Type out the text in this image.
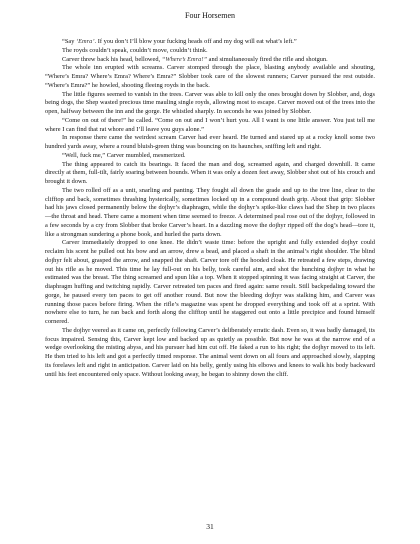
Four Horsemen

“Say ‘Emra’. If you don’t I’ll blow your fucking heads off and my dog will eat what’s left.”

The royds couldn’t speak, couldn’t move, couldn’t think.

Carver threw back his head, bellowed, “Where’s Emra!” and simultaneously fired the rifle and shotgun.

The whole inn erupted with screams. Carver stomped through the place, blasting anybody available and shouting, “Where’s Emra? Where’s Emra? Where’s Emra?” Slobber took care of the slowest runners; Carver pursued the rest outside. “Where’s Emra?” he howled, shooting fleeing royds in the back.

The little figures seemed to vanish in the trees. Carver was able to kill only the ones brought down by Slobber, and, dogs being dogs, the Shep wasted precious time mauling single royds, allowing most to escape. Carver moved out of the trees into the open, halfway between the inn and the gorge. He whistled sharply. In seconds he was joined by Slobber.

“Come on out of there!” he called. “Come on out and I won’t hurt you. All I want is one little answer. You just tell me where I can find that rat whore and I’ll leave you guys alone.”

In response there came the weirdest scream Carver had ever heard. He turned and stared up at a rocky knoll some two hundred yards away, where a round bluish-green thing was bouncing on its haunches, sniffing left and right.

“Well, fuck me,” Carver mumbled, mesmerized.

The thing appeared to catch its bearings. It faced the man and dog, screamed again, and charged downhill. It came directly at them, full-tilt, fairly soaring between bounds. When it was only a dozen feet away, Slobber shot out of his crouch and brought it down.

The two rolled off as a unit, snarling and panting. They fought all down the grade and up to the tree line, clear to the clifftop and back, sometimes thrashing hysterically, sometimes locked up in a compound death grip. About that grip: Slobber had his jaws closed permanently below the dojhyr’s diaphragm, while the dojhyr’s spike-like claws had the Shep in two places—the throat and head. There came a moment when time seemed to freeze. A determined peal rose out of the dojhyr, followed in a few seconds by a cry from Slobber that broke Carver’s heart. In a dazzling move the dojhyr ripped off the dog’s head—tore it, like a strongman sundering a phone book, and hurled the parts down.

Carver immediately dropped to one knee. He didn’t waste time: before the upright and fully extended dojhyr could reclaim his scent he pulled out his bow and an arrow, drew a bead, and placed a shaft in the animal’s right shoulder. The blind dojhyr felt about, grasped the arrow, and snapped the shaft. Carver tore off the hooded cloak. He retreated a few steps, drawing out his rifle as he moved. This time he lay full-out on his belly, took careful aim, and shot the hunching dojhyr in what he estimated was the breast. The thing screamed and spun like a top. When it stopped spinning it was facing straight at Carver, the diaphragm huffing and twitching rapidly. Carver retreated ten paces and fired again: same result. Still backpedaling toward the gorge, he paused every ten paces to get off another round. But now the bleeding dojhyr was stalking him, and Carver was running those paces before firing. When the rifle’s magazine was spent he dropped everything and took off at a sprint. With nowhere else to turn, he ran back and forth along the clifftop until he staggered out onto a little precipice and found himself cornered.

The dojhyr veered as it came on, perfectly following Carver’s deliberately erratic dash. Even so, it was badly damaged, its focus impaired. Sensing this, Carver kept low and backed up as quietly as possible. But now he was at the narrow end of a wedge overlooking the misting abyss, and his pursuer had him cut off. He faked a run to his right; the dojhyr moved to its left. He then tried to his left and got a perfectly timed response. The animal went down on all fours and approached slowly, slapping its forelaws left and right in anticipation. Carver laid on his belly, gently using his elbows and knees to walk his body backward until his feet encountered only space. Without looking away, he began to shinny down the cliff.

31
